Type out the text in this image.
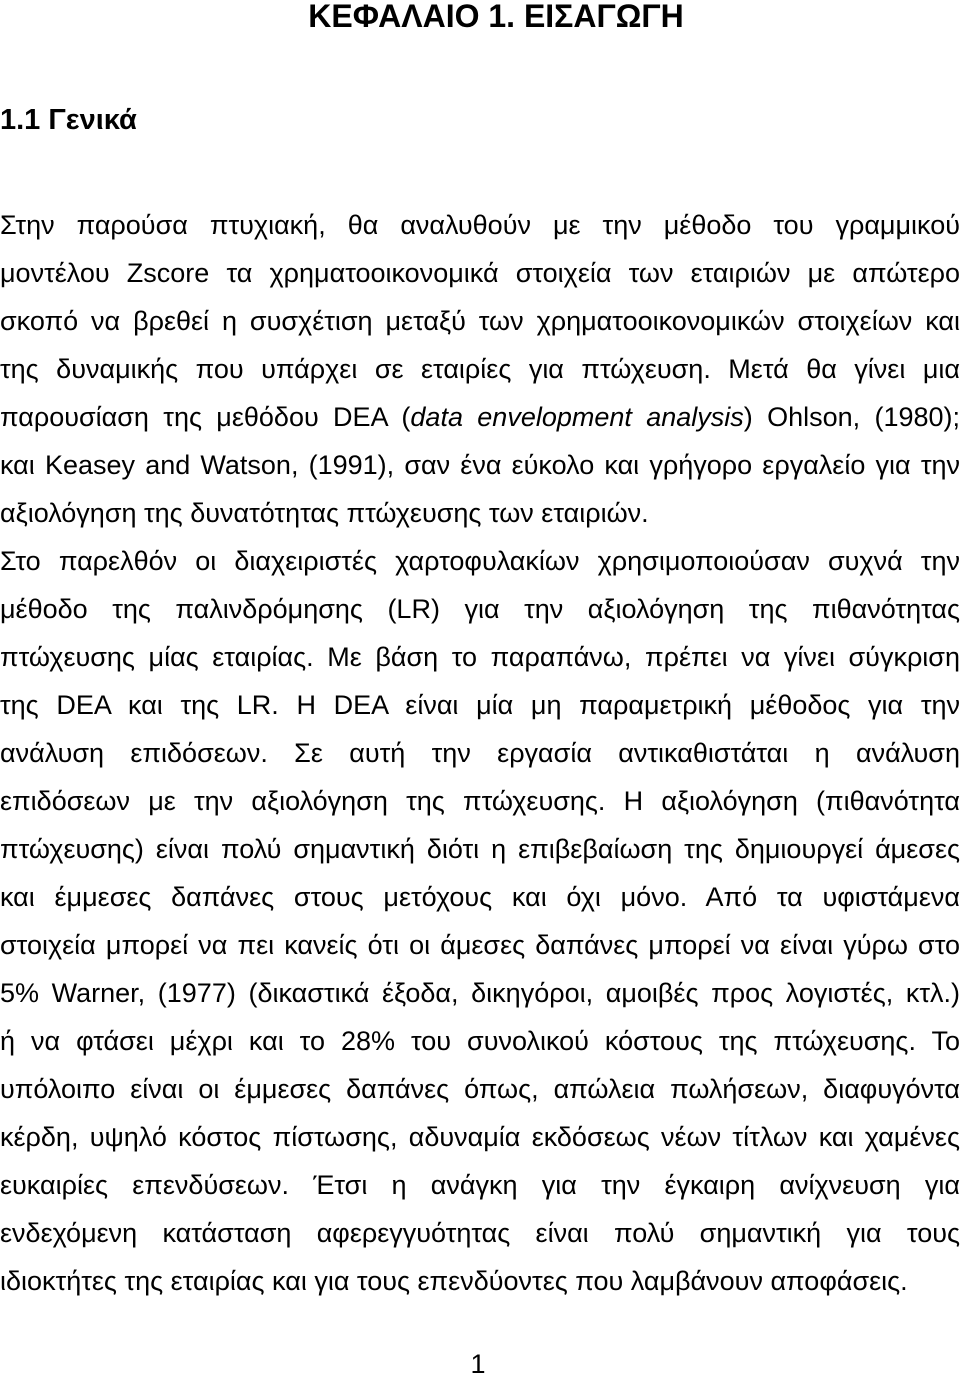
ΚΕΦΑΛΑΙΟ 1. ΕΙΣΑΓΩΓΗ
1.1 Γενικά
Στην παρούσα πτυχιακή, θα αναλυθούν με την μέθοδο του γραμμικού
μοντέλου Zscore τα χρηματοοικονομικά στοιχεία των εταιριών με απώτερο
σκοπό να βρεθεί η συσχέτιση μεταξύ των χρηματοοικονομικών στοιχείων και
της δυναμικής που υπάρχει σε εταιρίες για πτώχευση. Μετά θα γίνει μια
παρουσίαση της μεθόδου DEA (data envelopment analysis) Ohlson, (1980);
και Keasey and Watson, (1991), σαν ένα εύκολο και γρήγορο εργαλείο για την
αξιολόγηση της δυνατότητας πτώχευσης των εταιριών.
Στο παρελθόν οι διαχειριστές χαρτοφυλακίων χρησιμοποιούσαν συχνά την
μέθοδο της παλινδρόμησης (LR) για την αξιολόγηση της πιθανότητας
πτώχευσης μίας εταιρίας. Με βάση το παραπάνω, πρέπει να γίνει σύγκριση
της DEA και της LR. Η DEA είναι μία μη παραμετρική μέθοδος για την
ανάλυση επιδόσεων. Σε αυτή την εργασία αντικαθιστάται η ανάλυση
επιδόσεων με την αξιολόγηση της πτώχευσης. Η αξιολόγηση (πιθανότητα
πτώχευσης) είναι πολύ σημαντική διότι η επιβεβαίωση της δημιουργεί άμεσες
και έμμεσες δαπάνες στους μετόχους και όχι μόνο. Από τα υφιστάμενα
στοιχεία μπορεί να πει κανείς ότι οι άμεσες δαπάνες μπορεί να είναι γύρω στο
5% Warner, (1977) (δικαστικά έξοδα, δικηγόροι, αμοιβές προς λογιστές, κτλ.)
ή να φτάσει μέχρι και το 28% του συνολικού κόστους της πτώχευσης. Το
υπόλοιπο είναι οι έμμεσες δαπάνες όπως, απώλεια πωλήσεων, διαφυγόντα
κέρδη, υψηλό κόστος πίστωσης, αδυναμία εκδόσεως νέων τίτλων και χαμένες
ευκαιρίες επενδύσεων. Έτσι η ανάγκη για την έγκαιρη ανίχνευση για
ενδεχόμενη κατάσταση αφερεγγυότητας είναι πολύ σημαντική για τους
ιδιοκτήτες της εταιρίας και για τους επενδύοντες που λαμβάνουν αποφάσεις.
1
